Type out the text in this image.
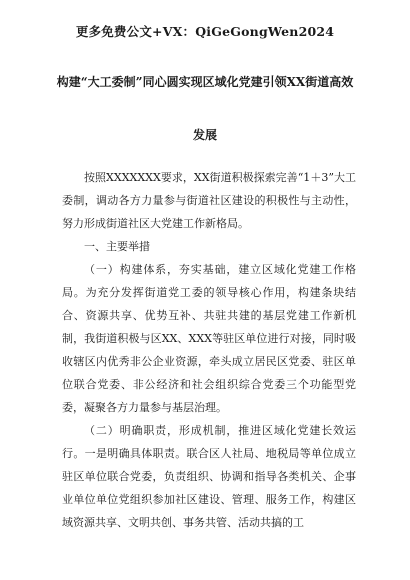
更多免费公文+VX：QiGeGongWen2024
构建“大工委制”同心圆实现区域化党建引领XX街道高效
发展

按照XXXXXXX要求，XX街道积极探索完善“1＋3”大工委制，调动各方力量参与街道社区建设的积极性与主动性，努力形成街道社区大党建工作新格局。

一、主要举措

（一）构建体系，夯实基础，建立区域化党建工作格局。为充分发挥街道党工委的领导核心作用，构建条块结合、资源共享、优势互补、共驻共建的基层党建工作新机制，我街道积极与区XX、XXX等驻区单位进行对接，同时吸收辖区内优秀非公企业资源，牵头成立居民区党委、驻区单位联合党委、非公经济和社会组织综合党委三个功能型党委，凝聚各方力量参与基层治理。

（二）明确职责，形成机制，推进区域化党建长效运行。一是明确具体职责。联合区人社局、地税局等单位成立驻区单位联合党委，负责组织、协调和指导各类机关、企事业单位单位党组织参加社区建设、管理、服务工作，构建区域资源共享、文明共创、事务共管、活动共搞的工
